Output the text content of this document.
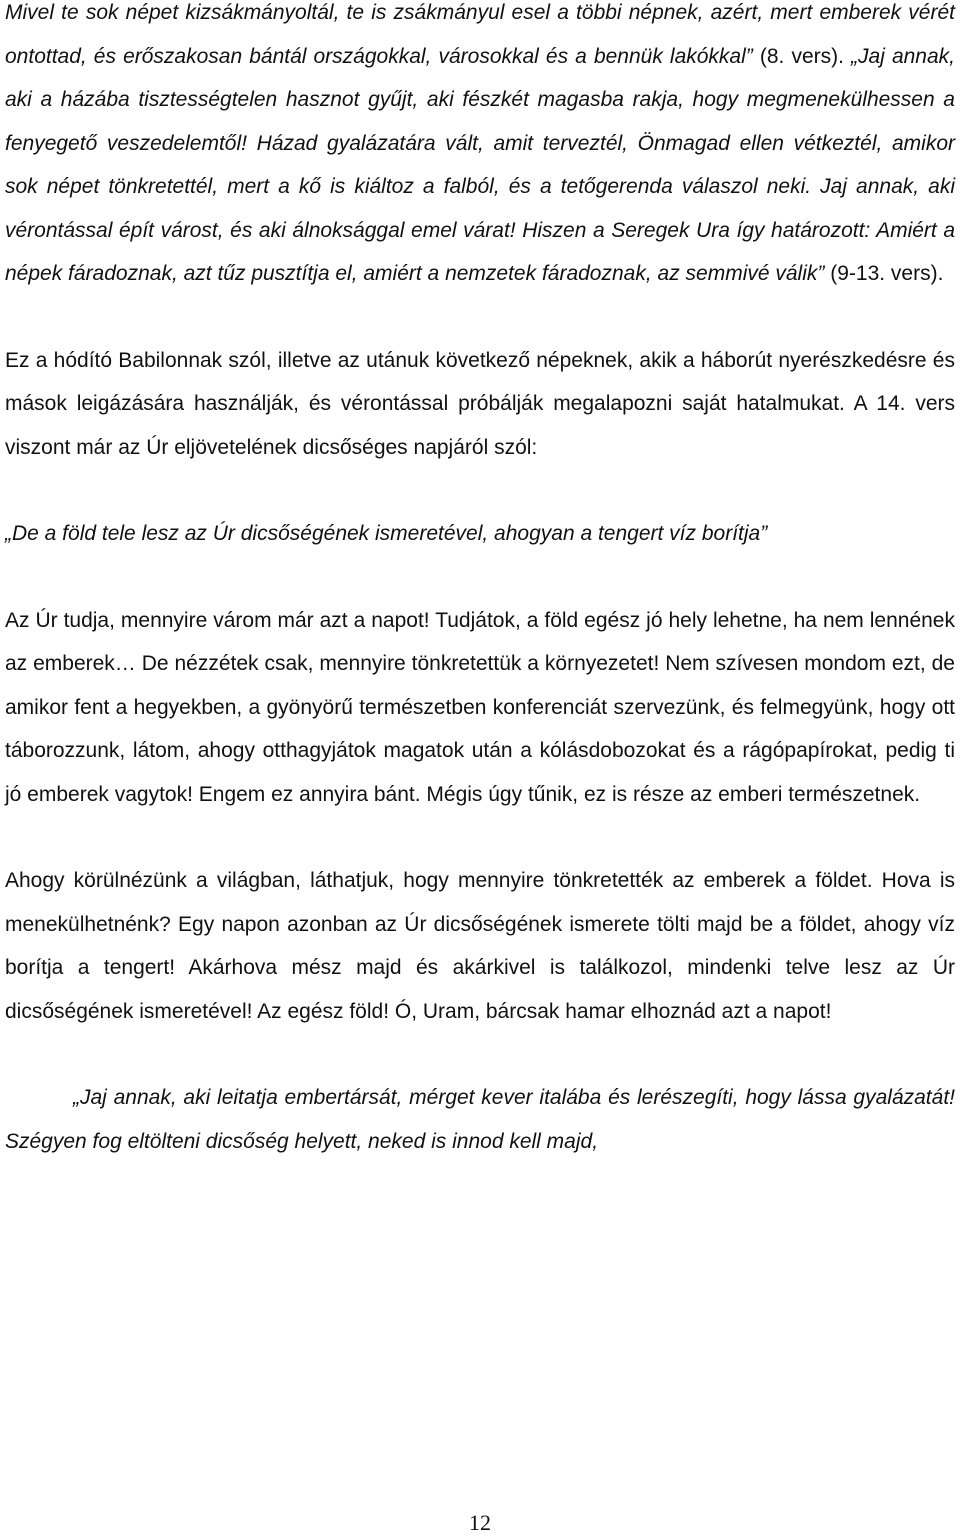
Mivel te sok népet kizsákmányoltál, te is zsákmányul esel a többi népnek, azért, mert emberek vérét ontottad, és erőszakosan bántál országokkal, városokkal és a bennük lakókkal” (8. vers). „Jaj annak, aki a házába tisztességtelen hasznot gyűjt, aki fészkét magasba rakja, hogy megmenekülhessen a fenyegető veszedelemtől! Házad gyalázatára vált, amit terveztél, Önmagad ellen vétkeztél, amikor sok népet tönkretettél, mert a kő is kiáltoz a falból, és a tetőgerenda válaszol neki. Jaj annak, aki vérontással épít várost, és aki álnoksággal emel várat! Hiszen a Seregek Ura így határozott: Amiért a népek fáradoznak, azt tűz pusztítja el, amiért a nemzetek fáradoznak, az semmivé válik” (9-13. vers).

Ez a hódító Babilonnak szól, illetve az utánuk következő népeknek, akik a háborút nyerészkedésre és mások leigázására használják, és vérontással próbálják megalapozni saját hatalmukat. A 14. vers viszont már az Úr eljövetelének dicsőséges napjáról szól:

„De a föld tele lesz az Úr dicsőségének ismeretével, ahogyan a tengert víz borítja”

Az Úr tudja, mennyire várom már azt a napot! Tudjátok, a föld egész jó hely lehetne, ha nem lennének az emberek… De nézzétek csak, mennyire tönkretettük a környezetet! Nem szívesen mondom ezt, de amikor fent a hegyekben, a gyönyörű természetben konferenciát szervezünk, és felmegyünk, hogy ott táborozzunk, látom, ahogy otthagyjátok magatok után a kólásdobozokat és a rágópapírokat, pedig ti jó emberek vagytok! Engem ez annyira bánt. Mégis úgy tűnik, ez is része az emberi természetnek.

Ahogy körülnézünk a világban, láthatjuk, hogy mennyire tönkretették az emberek a földet. Hova is menekülhetnénk? Egy napon azonban az Úr dicsőségének ismerete tölti majd be a földet, ahogy víz borítja a tengert! Akárhova mész majd és akárkivel is találkozol, mindenki telve lesz az Úr dicsőségének ismeretével! Az egész föld! Ó, Uram, bárcsak hamar elhoznád azt a napot!

„Jaj annak, aki leitatja embertársát, mérget kever italába és lerészegíti, hogy lássa gyalázatát! Szégyen fog eltölteni dicsőség helyett, neked is innod kell majd,

12
